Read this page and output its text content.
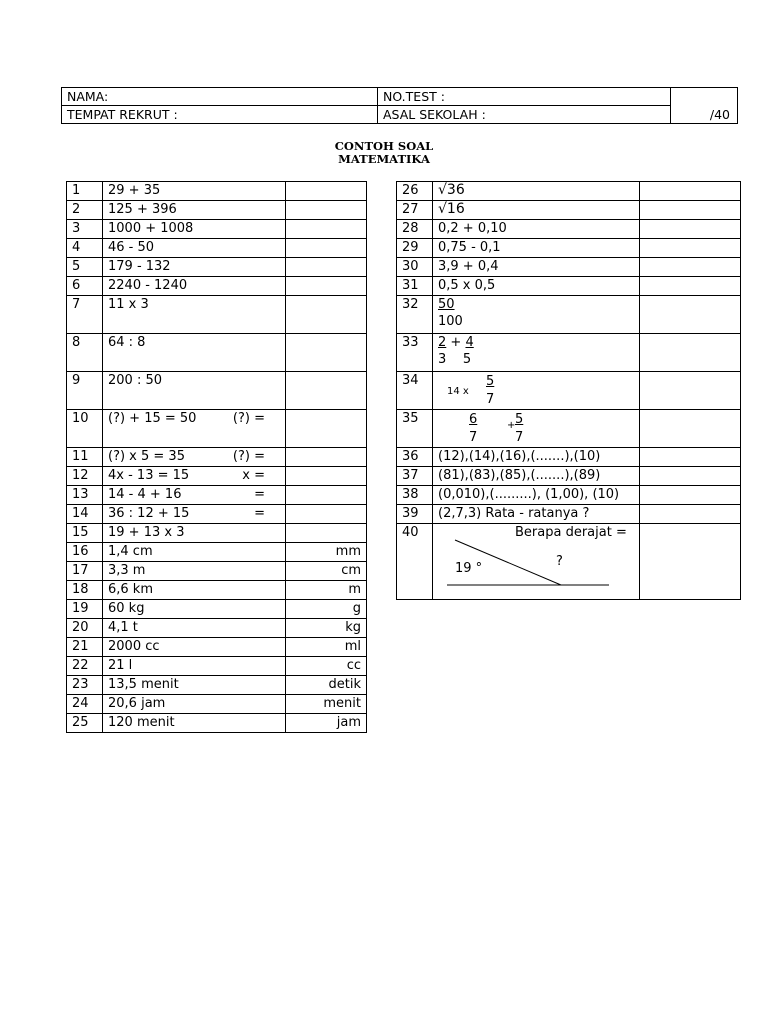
NAMA:	NO.TEST :	/40
TEMPAT REKRUT :	ASAL SEKOLAH :	
CONTOH SOAL
MATEMATIKA
1	29 + 35	
2	125 + 396	
3	1000 + 1008	
4	46 - 50	
5	179 - 132	
6	2240 - 1240	
7	11 x 3	
8	64 : 8	
9	200 : 50	
10	(?) + 15 = 50 (?) =	

11	(?) x 5 = 35 (?) =	

12	4x - 13 = 15 x =	

13	14 - 4 + 16 =	

14	36 : 12 + 15 =	

15	19 + 13 x 3	
16	1,4 cm	mm
17	3,3 m	cm
18	6,6 km	m
19	60 kg	g
20	4,1 t	kg
21	2000 cc	ml
22	21 l	cc
23	13,5 menit	detik
24	20,6 jam	menit
25	120 menit	jam
26	√36	
27	√16	
28	0,2 + 0,10	
29	0,75 - 0,1	
30	3,9 + 0,4	
31	0,5 x 0,5	
32	50
100	
33	2 + 4
3 5	

34	14 x
5
7	

35	6
7
+ 5
7	

36	(12),(14),(16),(.......),(10)	
37	(81),(83),(85),(.......),(89)	
38	(0,010),(.........), (1,00), (10)	
39	(2,7,3) Rata - ratanya ?	
40	Berapa derajat =
19 ° ?	
